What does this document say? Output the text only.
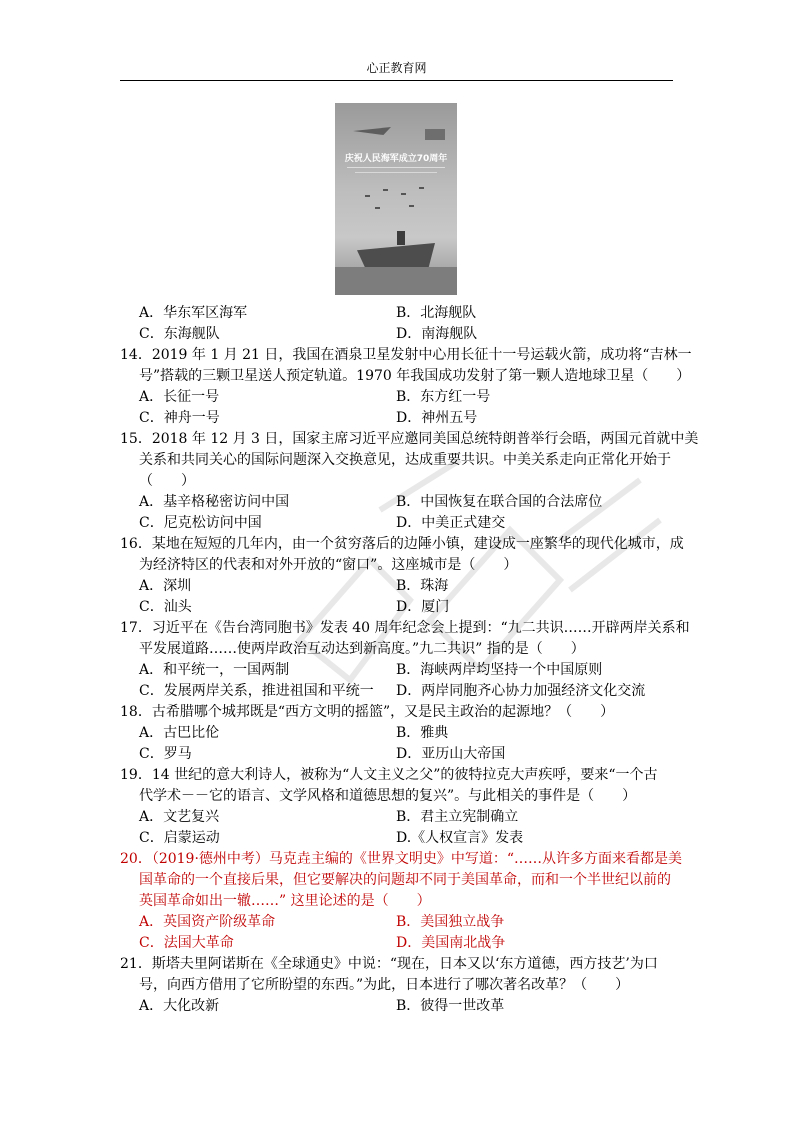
心正教育网
庆祝人民海军成立70周年
A．华东军区海军	B．北海舰队
C．东海舰队	D．南海舰队
14．2019 年 1 月 21 日，我国在酒泉卫星发射中心用长征十一号运载火箭，成功将“吉林一
号”搭载的三颗卫星送人预定轨道。1970 年我国成功发射了第一颗人造地球卫星（　　）
A．长征一号	B．东方红一号
C．神舟一号	D．神州五号
15．2018 年 12 月 3 日，国家主席习近平应邀同美国总统特朗普举行会晤，两国元首就中美
关系和共同关心的国际问题深入交换意见，达成重要共识。中美关系走向正常化开始于
（　　）
A．基辛格秘密访问中国	B．中国恢复在联合国的合法席位
C．尼克松访问中国	D．中美正式建交
16．某地在短短的几年内，由一个贫穷落后的边陲小镇，建设成一座繁华的现代化城市，成
为经济特区的代表和对外开放的“窗口”。这座城市是（　　）
A．深圳	B．珠海
C．汕头	D．厦门
17．习近平在《告台湾同胞书》发表 40 周年纪念会上提到：“九二共识……开辟两岸关系和
平发展道路……使两岸政治互动达到新高度。”九二共识” 指的是（　　）
A．和平统一，一国两制	B．海峡两岸均坚持一个中国原则
C．发展两岸关系，推进祖国和平统一 D．两岸同胞齐心协力加强经济文化交流
18．古希腊哪个城邦既是“西方文明的摇篮”，又是民主政治的起源地？（　　）
A．古巴比伦	B．雅典
C．罗马	D．亚历山大帝国
19．14 世纪的意大利诗人，被称为“人文主义之父”的彼特拉克大声疾呼，要来“一个古
代学术－－它的语言、文学风格和道德思想的复兴”。与此相关的事件是（　　）
A．文艺复兴	B．君主立宪制确立
C．启蒙运动	D.《人权宣言》发表
20．（2019·德州中考）马克垚主编的《世界文明史》中写道：“……从许多方面来看都是美
国革命的一个直接后果，但它要解决的问题却不同于美国革命，而和一个半世纪以前的
英国革命如出一辙……” 这里论述的是（　　）
A．英国资产阶级革命	B．美国独立战争
C．法国大革命	D．美国南北战争
21．斯塔夫里阿诺斯在《全球通史》中说：“现在，日本又以‘东方道德，西方技艺’为口
号，向西方借用了它所盼望的东西。”为此，日本进行了哪次著名改革？（　　）
A．大化改新	B．彼得一世改革
